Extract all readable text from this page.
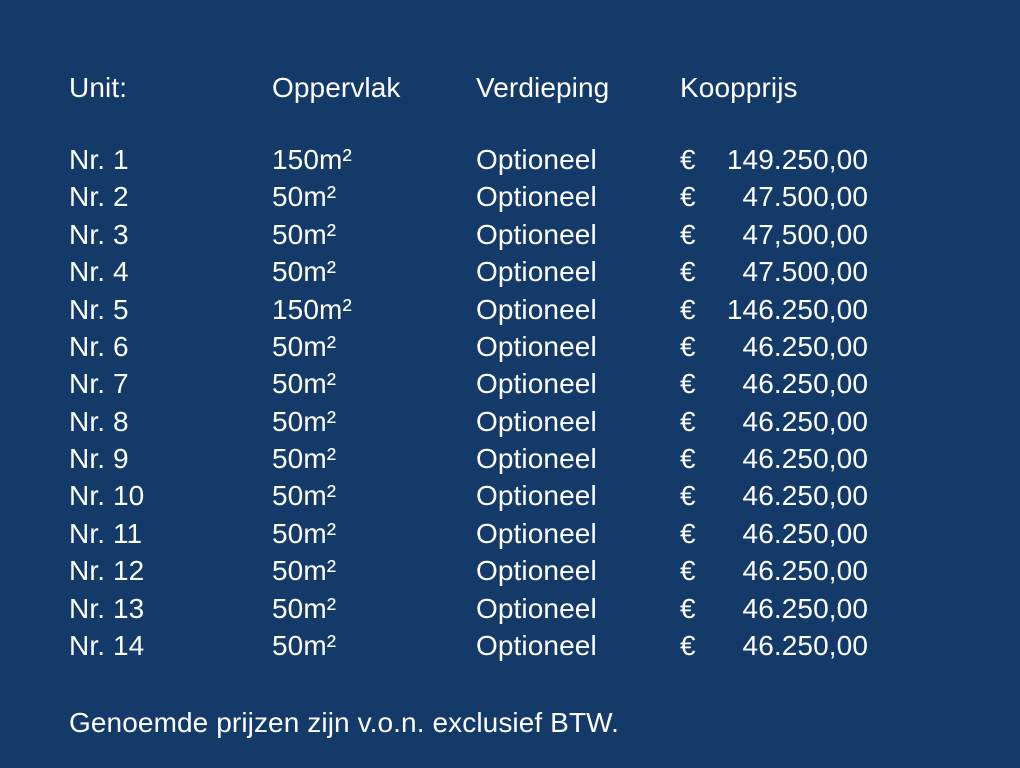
Unit:	Oppervlak	Verdieping	Koopprijs
Nr. 1	150m²	Optioneel	€	149.250,00
Nr. 2	50m²	Optioneel	€	47.500,00
Nr. 3	50m²	Optioneel	€	47,500,00
Nr. 4	50m²	Optioneel	€	47.500,00
Nr. 5	150m²	Optioneel	€	146.250,00
Nr. 6	50m²	Optioneel	€	46.250,00
Nr. 7	50m²	Optioneel	€	46.250,00
Nr. 8	50m²	Optioneel	€	46.250,00
Nr. 9	50m²	Optioneel	€	46.250,00
Nr. 10	50m²	Optioneel	€	46.250,00
Nr. 11	50m²	Optioneel	€	46.250,00
Nr. 12	50m²	Optioneel	€	46.250,00
Nr. 13	50m²	Optioneel	€	46.250,00
Nr. 14	50m²	Optioneel	€	46.250,00
Genoemde prijzen zijn v.o.n. exclusief BTW.
